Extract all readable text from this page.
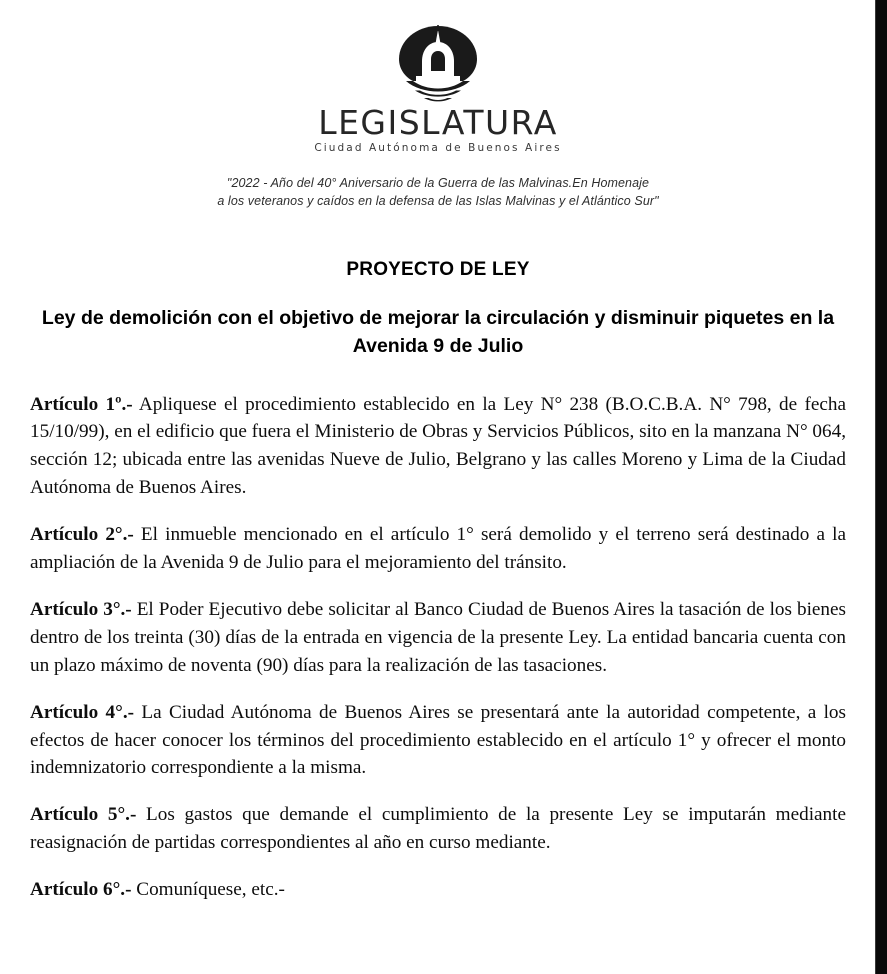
LEGISLATURA
Ciudad Autónoma de Buenos Aires
"2022 - Año del 40° Aniversario de la Guerra de las Malvinas.En Homenaje
a los veteranos y caídos en la defensa de las Islas Malvinas y el Atlántico Sur"
PROYECTO DE LEY
Ley de demolición con el objetivo de mejorar la circulación y disminuir piquetes en la Avenida 9 de Julio

Artículo 1º.- Apliquese el procedimiento establecido en la Ley N° 238 (B.O.C.B.A. N° 798, de fecha 15/10/99), en el edificio que fuera el Ministerio de Obras y Servicios Públicos, sito en la manzana N° 064, sección 12; ubicada entre las avenidas Nueve de Julio, Belgrano y las calles Moreno y Lima de la Ciudad Autónoma de Buenos Aires.

Artículo 2°.- El inmueble mencionado en el artículo 1° será demolido y el terreno será destinado a la ampliación de la Avenida 9 de Julio para el mejoramiento del tránsito.

Artículo 3°.- El Poder Ejecutivo debe solicitar al Banco Ciudad de Buenos Aires la tasación de los bienes dentro de los treinta (30) días de la entrada en vigencia de la presente Ley. La entidad bancaria cuenta con un plazo máximo de noventa (90) días para la realización de las tasaciones.

Artículo 4°.- La Ciudad Autónoma de Buenos Aires se presentará ante la autoridad competente, a los efectos de hacer conocer los términos del procedimiento establecido en el artículo 1° y ofrecer el monto indemnizatorio correspondiente a la misma.

Artículo 5°.- Los gastos que demande el cumplimiento de la presente Ley se imputarán mediante reasignación de partidas correspondientes al año en curso mediante.

Artículo 6°.- Comuníquese, etc.-
